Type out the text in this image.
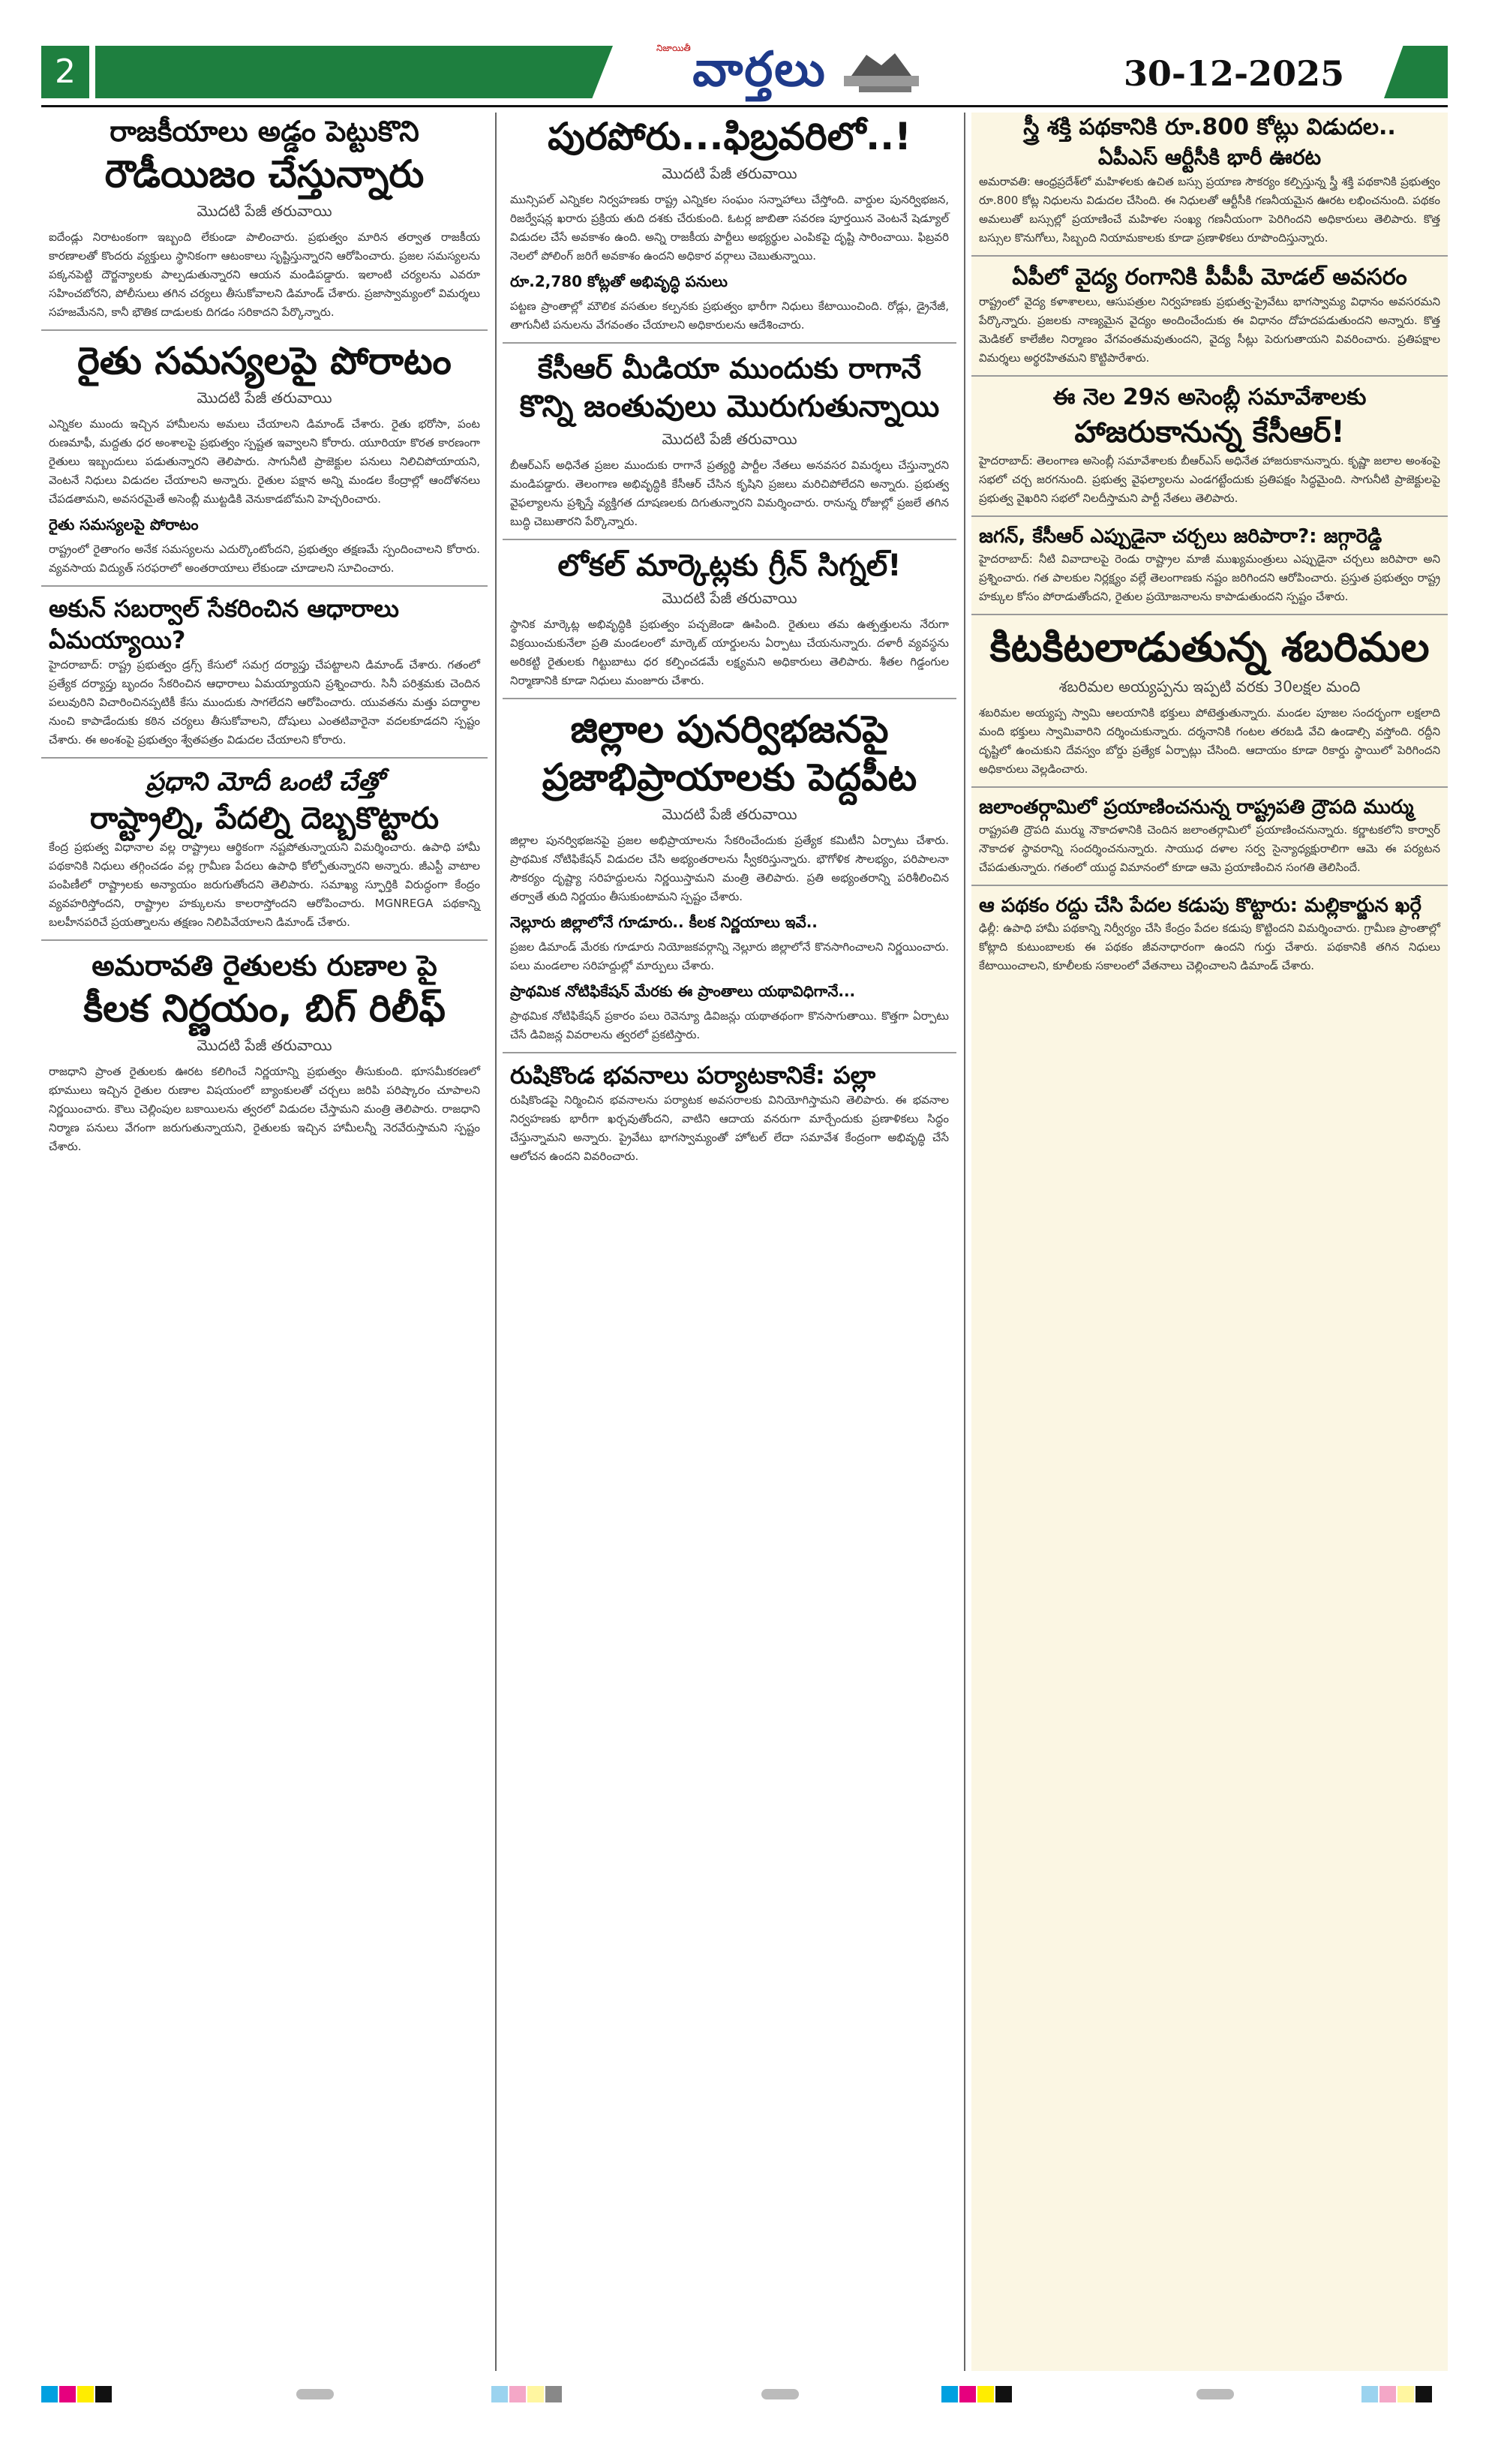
2
నిజాయితీ వార్తలు	30-12-2025
రాజకీయాలు అడ్డం పెట్టుకొని
రౌడీయిజం చేస్తున్నారు
మొదటి పేజీ తరువాయి

ఐదేండ్లు నిరాటంకంగా ఇబ్బంది లేకుండా పాలించారు. ప్రభుత్వం మారిన తర్వాత రాజకీయ కారణాలతో కొందరు వ్యక్తులు స్థానికంగా ఆటంకాలు సృష్టిస్తున్నారని ఆరోపించారు. ప్రజల సమస్యలను పక్కనపెట్టి దౌర్జన్యాలకు పాల్పడుతున్నారని ఆయన మండిపడ్డారు. ఇలాంటి చర్యలను ఎవరూ సహించబోరని, పోలీసులు తగిన చర్యలు తీసుకోవాలని డిమాండ్ చేశారు. ప్రజాస్వామ్యంలో విమర్శలు సహజమేనని, కానీ భౌతిక దాడులకు దిగడం సరికాదని పేర్కొన్నారు.

రైతు సమస్యలపై పోరాటం
మొదటి పేజీ తరువాయి

ఎన్నికల ముందు ఇచ్చిన హామీలను అమలు చేయాలని డిమాండ్ చేశారు. రైతు భరోసా, పంట రుణమాఫీ, మద్దతు ధర అంశాలపై ప్రభుత్వం స్పష్టత ఇవ్వాలని కోరారు. యూరియా కొరత కారణంగా రైతులు ఇబ్బందులు పడుతున్నారని తెలిపారు. సాగునీటి ప్రాజెక్టుల పనులు నిలిచిపోయాయని, వెంటనే నిధులు విడుదల చేయాలని అన్నారు. రైతుల పక్షాన అన్ని మండల కేంద్రాల్లో ఆందోళనలు చేపడతామని, అవసరమైతే అసెంబ్లీ ముట్టడికి వెనుకాడబోమని హెచ్చరించారు.

రైతు సమస్యలపై పోరాటం

రాష్ట్రంలో రైతాంగం అనేక సమస్యలను ఎదుర్కొంటోందని, ప్రభుత్వం తక్షణమే స్పందించాలని కోరారు. వ్యవసాయ విద్యుత్ సరఫరాలో అంతరాయాలు లేకుండా చూడాలని సూచించారు.

అకున్ సబర్వాల్ సేకరించిన ఆధారాలు ఏమయ్యాయి?

హైదరాబాద్: రాష్ట్ర ప్రభుత్వం డ్రగ్స్ కేసులో సమగ్ర దర్యాప్తు చేపట్టాలని డిమాండ్ చేశారు. గతంలో ప్రత్యేక దర్యాప్తు బృందం సేకరించిన ఆధారాలు ఏమయ్యాయని ప్రశ్నించారు. సినీ పరిశ్రమకు చెందిన పలువురిని విచారించినప్పటికీ కేసు ముందుకు సాగలేదని ఆరోపించారు. యువతను మత్తు పదార్థాల నుంచి కాపాడేందుకు కఠిన చర్యలు తీసుకోవాలని, దోషులు ఎంతటివారైనా వదలకూడదని స్పష్టం చేశారు. ఈ అంశంపై ప్రభుత్వం శ్వేతపత్రం విడుదల చేయాలని కోరారు.

ప్రధాని మోదీ ఒంటి చేత్తో
రాష్ట్రాల్ని, పేదల్ని దెబ్బకొట్టారు

కేంద్ర ప్రభుత్వ విధానాల వల్ల రాష్ట్రాలు ఆర్థికంగా నష్టపోతున్నాయని విమర్శించారు. ఉపాధి హామీ పథకానికి నిధులు తగ్గించడం వల్ల గ్రామీణ పేదలు ఉపాధి కోల్పోతున్నారని అన్నారు. జీఎస్టీ వాటాల పంపిణీలో రాష్ట్రాలకు అన్యాయం జరుగుతోందని తెలిపారు. సమాఖ్య స్ఫూర్తికి విరుద్ధంగా కేంద్రం వ్యవహరిస్తోందని, రాష్ట్రాల హక్కులను కాలరాస్తోందని ఆరోపించారు. MGNREGA పథకాన్ని బలహీనపరిచే ప్రయత్నాలను తక్షణం నిలిపివేయాలని డిమాండ్ చేశారు.

అమరావతి రైతులకు రుణాల పై
కీలక నిర్ణయం, బిగ్ రిలీఫ్
మొదటి పేజీ తరువాయి

రాజధాని ప్రాంత రైతులకు ఊరట కలిగించే నిర్ణయాన్ని ప్రభుత్వం తీసుకుంది. భూసమీకరణలో భూములు ఇచ్చిన రైతుల రుణాల విషయంలో బ్యాంకులతో చర్చలు జరిపి పరిష్కారం చూపాలని నిర్ణయించారు. కౌలు చెల్లింపుల బకాయిలను త్వరలో విడుదల చేస్తామని మంత్రి తెలిపారు. రాజధాని నిర్మాణ పనులు వేగంగా జరుగుతున్నాయని, రైతులకు ఇచ్చిన హామీలన్నీ నెరవేరుస్తామని స్పష్టం చేశారు.

పురపోరు...ఫిబ్రవరిలో..!
మొదటి పేజీ తరువాయి

మున్సిపల్ ఎన్నికల నిర్వహణకు రాష్ట్ర ఎన్నికల సంఘం సన్నాహాలు చేస్తోంది. వార్డుల పునర్విభజన, రిజర్వేషన్ల ఖరారు ప్రక్రియ తుది దశకు చేరుకుంది. ఓటర్ల జాబితా సవరణ పూర్తయిన వెంటనే షెడ్యూల్ విడుదల చేసే అవకాశం ఉంది. అన్ని రాజకీయ పార్టీలు అభ్యర్థుల ఎంపికపై దృష్టి సారించాయి. ఫిబ్రవరి నెలలో పోలింగ్ జరిగే అవకాశం ఉందని అధికార వర్గాలు చెబుతున్నాయి.

రూ.2,780 కోట్లతో అభివృద్ధి పనులు

పట్టణ ప్రాంతాల్లో మౌలిక వసతుల కల్పనకు ప్రభుత్వం భారీగా నిధులు కేటాయించింది. రోడ్లు, డ్రైనేజీ, తాగునీటి పనులను వేగవంతం చేయాలని అధికారులను ఆదేశించారు.

కేసీఆర్ మీడియా ముందుకు రాగానే
కొన్ని జంతువులు మొరుగుతున్నాయి
మొదటి పేజీ తరువాయి

బీఆర్ఎస్ అధినేత ప్రజల ముందుకు రాగానే ప్రత్యర్థి పార్టీల నేతలు అనవసర విమర్శలు చేస్తున్నారని మండిపడ్డారు. తెలంగాణ అభివృద్ధికి కేసీఆర్ చేసిన కృషిని ప్రజలు మరిచిపోలేదని అన్నారు. ప్రభుత్వ వైఫల్యాలను ప్రశ్నిస్తే వ్యక్తిగత దూషణలకు దిగుతున్నారని విమర్శించారు. రానున్న రోజుల్లో ప్రజలే తగిన బుద్ధి చెబుతారని పేర్కొన్నారు.

లోకల్ మార్కెట్లకు గ్రీన్ సిగ్నల్!
మొదటి పేజీ తరువాయి

స్థానిక మార్కెట్ల అభివృద్ధికి ప్రభుత్వం పచ్చజెండా ఊపింది. రైతులు తమ ఉత్పత్తులను నేరుగా విక్రయించుకునేలా ప్రతి మండలంలో మార్కెట్ యార్డులను ఏర్పాటు చేయనున్నారు. దళారీ వ్యవస్థను అరికట్టి రైతులకు గిట్టుబాటు ధర కల్పించడమే లక్ష్యమని అధికారులు తెలిపారు. శీతల గిడ్డంగుల నిర్మాణానికి కూడా నిధులు మంజూరు చేశారు.

జిల్లాల పునర్విభజనపై
ప్రజాభిప్రాయాలకు పెద్దపీట
మొదటి పేజీ తరువాయి

జిల్లాల పునర్విభజనపై ప్రజల అభిప్రాయాలను సేకరించేందుకు ప్రత్యేక కమిటీని ఏర్పాటు చేశారు. ప్రాథమిక నోటిఫికేషన్ విడుదల చేసి అభ్యంతరాలను స్వీకరిస్తున్నారు. భౌగోళిక సౌలభ్యం, పరిపాలనా సౌకర్యం దృష్ట్యా సరిహద్దులను నిర్ణయిస్తామని మంత్రి తెలిపారు. ప్రతి అభ్యంతరాన్ని పరిశీలించిన తర్వాతే తుది నిర్ణయం తీసుకుంటామని స్పష్టం చేశారు.

నెల్లూరు జిల్లాలోనే గూడూరు.. కీలక నిర్ణయాలు ఇవే..

ప్రజల డిమాండ్ మేరకు గూడూరు నియోజకవర్గాన్ని నెల్లూరు జిల్లాలోనే కొనసాగించాలని నిర్ణయించారు. పలు మండలాల సరిహద్దుల్లో మార్పులు చేశారు.

ప్రాథమిక నోటిఫికేషన్ మేరకు ఈ ప్రాంతాలు యథావిధిగానే...

ప్రాథమిక నోటిఫికేషన్ ప్రకారం పలు రెవెన్యూ డివిజన్లు యథాతథంగా కొనసాగుతాయి. కొత్తగా ఏర్పాటు చేసే డివిజన్ల వివరాలను త్వరలో ప్రకటిస్తారు.

రుషికొండ భవనాలు పర్యాటకానికే: పల్లా

రుషికొండపై నిర్మించిన భవనాలను పర్యాటక అవసరాలకు వినియోగిస్తామని తెలిపారు. ఈ భవనాల నిర్వహణకు భారీగా ఖర్చవుతోందని, వాటిని ఆదాయ వనరుగా మార్చేందుకు ప్రణాళికలు సిద్ధం చేస్తున్నామని అన్నారు. ప్రైవేటు భాగస్వామ్యంతో హోటల్ లేదా సమావేశ కేంద్రంగా అభివృద్ధి చేసే ఆలోచన ఉందని వివరించారు.

స్త్రీ శక్తి పథకానికి రూ.800 కోట్లు విడుదల..
ఏపీఎస్ ఆర్టీసీకి భారీ ఊరట

అమరావతి: ఆంధ్రప్రదేశ్‌లో మహిళలకు ఉచిత బస్సు ప్రయాణ సౌకర్యం కల్పిస్తున్న స్త్రీ శక్తి పథకానికి ప్రభుత్వం రూ.800 కోట్ల నిధులను విడుదల చేసింది. ఈ నిధులతో ఆర్టీసీకి గణనీయమైన ఊరట లభించనుంది. పథకం అమలుతో బస్సుల్లో ప్రయాణించే మహిళల సంఖ్య గణనీయంగా పెరిగిందని అధికారులు తెలిపారు. కొత్త బస్సుల కొనుగోలు, సిబ్బంది నియామకాలకు కూడా ప్రణాళికలు రూపొందిస్తున్నారు.

ఏపీలో వైద్య రంగానికి పీపీపీ మోడల్ అవసరం

రాష్ట్రంలో వైద్య కళాశాలలు, ఆసుపత్రుల నిర్వహణకు ప్రభుత్వ-ప్రైవేటు భాగస్వామ్య విధానం అవసరమని పేర్కొన్నారు. ప్రజలకు నాణ్యమైన వైద్యం అందించేందుకు ఈ విధానం దోహదపడుతుందని అన్నారు. కొత్త మెడికల్ కాలేజీల నిర్మాణం వేగవంతమవుతుందని, వైద్య సీట్లు పెరుగుతాయని వివరించారు. ప్రతిపక్షాల విమర్శలు అర్థరహితమని కొట్టిపారేశారు.

ఈ నెల 29న అసెంబ్లీ సమావేశాలకు
హాజరుకానున్న కేసీఆర్!

హైదరాబాద్: తెలంగాణ అసెంబ్లీ సమావేశాలకు బీఆర్ఎస్ అధినేత హాజరుకానున్నారు. కృష్ణా జలాల అంశంపై సభలో చర్చ జరగనుంది. ప్రభుత్వ వైఫల్యాలను ఎండగట్టేందుకు ప్రతిపక్షం సిద్ధమైంది. సాగునీటి ప్రాజెక్టులపై ప్రభుత్వ వైఖరిని సభలో నిలదీస్తామని పార్టీ నేతలు తెలిపారు.

జగన్, కేసీఆర్ ఎప్పుడైనా చర్చలు జరిపారా?: జగ్గారెడ్డి

హైదరాబాద్: నీటి వివాదాలపై రెండు రాష్ట్రాల మాజీ ముఖ్యమంత్రులు ఎప్పుడైనా చర్చలు జరిపారా అని ప్రశ్నించారు. గత పాలకుల నిర్లక్ష్యం వల్లే తెలంగాణకు నష్టం జరిగిందని ఆరోపించారు. ప్రస్తుత ప్రభుత్వం రాష్ట్ర హక్కుల కోసం పోరాడుతోందని, రైతుల ప్రయోజనాలను కాపాడుతుందని స్పష్టం చేశారు.

కిటకిటలాడుతున్న శబరిమల
శబరిమల అయ్యప్పను ఇప్పటి వరకు 30లక్షల మంది

శబరిమల అయ్యప్ప స్వామి ఆలయానికి భక్తులు పోటెత్తుతున్నారు. మండల పూజల సందర్భంగా లక్షలాది మంది భక్తులు స్వామివారిని దర్శించుకున్నారు. దర్శనానికి గంటల తరబడి వేచి ఉండాల్సి వస్తోంది. రద్దీని దృష్టిలో ఉంచుకుని దేవస్వం బోర్డు ప్రత్యేక ఏర్పాట్లు చేసింది. ఆదాయం కూడా రికార్డు స్థాయిలో పెరిగిందని అధికారులు వెల్లడించారు.

జలాంతర్గామిలో ప్రయాణించనున్న రాష్ట్రపతి ద్రౌపది ముర్ము

రాష్ట్రపతి ద్రౌపది ముర్ము నౌకాదళానికి చెందిన జలాంతర్గామిలో ప్రయాణించనున్నారు. కర్ణాటకలోని కార్వార్ నౌకాదళ స్థావరాన్ని సందర్శించనున్నారు. సాయుధ దళాల సర్వ సైన్యాధ్యక్షురాలిగా ఆమె ఈ పర్యటన చేపడుతున్నారు. గతంలో యుద్ధ విమానంలో కూడా ఆమె ప్రయాణించిన సంగతి తెలిసిందే.

ఆ పథకం రద్దు చేసి పేదల కడుపు కొట్టారు: మల్లికార్జున ఖర్గే

ఢిల్లీ: ఉపాధి హామీ పథకాన్ని నిర్వీర్యం చేసి కేంద్రం పేదల కడుపు కొట్టిందని విమర్శించారు. గ్రామీణ ప్రాంతాల్లో కోట్లాది కుటుంబాలకు ఈ పథకం జీవనాధారంగా ఉందని గుర్తు చేశారు. పథకానికి తగిన నిధులు కేటాయించాలని, కూలీలకు సకాలంలో వేతనాలు చెల్లించాలని డిమాండ్ చేశారు.
